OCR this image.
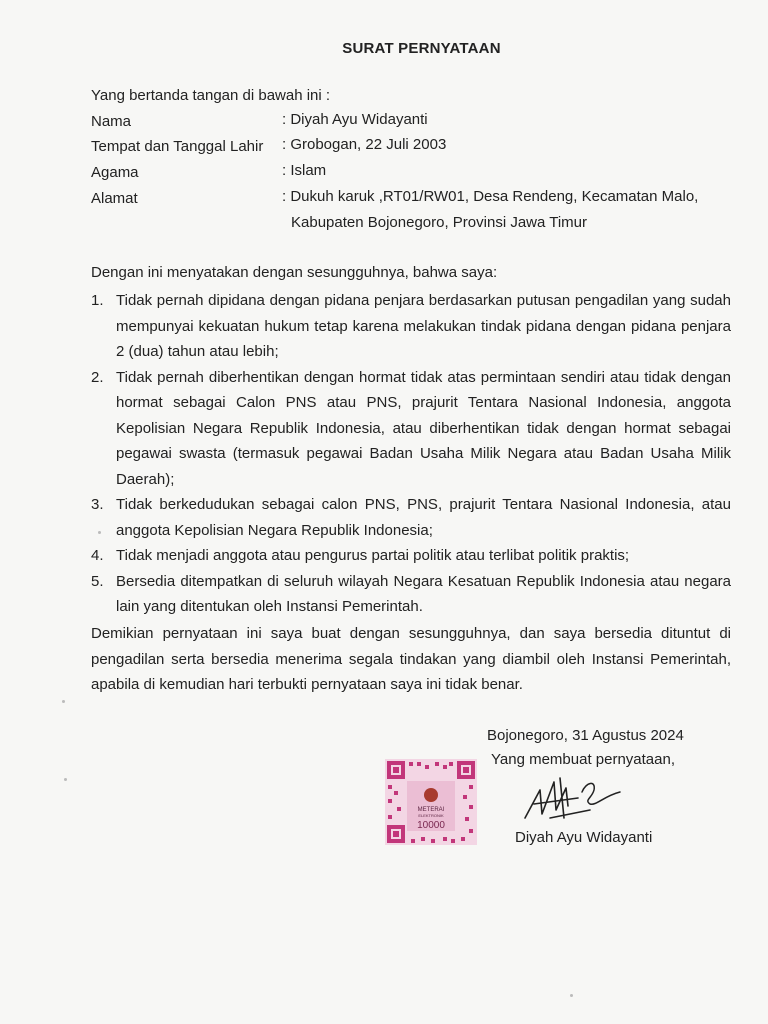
SURAT PERNYATAAN
Yang bertanda tangan di bawah ini :
Nama	: Diyah Ayu Widayanti
Tempat dan Tanggal Lahir : Grobogan, 22 Juli 2003
Agama	: Islam
Alamat	: Dukuh karuk ,RT01/RW01, Desa Rendeng, Kecamatan Malo,
Kabupaten Bojonegoro, Provinsi Jawa Timur
Dengan ini menyatakan dengan sesungguhnya, bahwa saya:
1. Tidak pernah dipidana dengan pidana penjara berdasarkan putusan pengadilan yang sudah mempunyai kekuatan hukum tetap karena melakukan tindak pidana dengan pidana penjara 2 (dua) tahun atau lebih;
2. Tidak pernah diberhentikan dengan hormat tidak atas permintaan sendiri atau tidak dengan hormat sebagai Calon PNS atau PNS, prajurit Tentara Nasional Indonesia, anggota Kepolisian Negara Republik Indonesia, atau diberhentikan tidak dengan hormat sebagai pegawai swasta (termasuk pegawai Badan Usaha Milik Negara atau Badan Usaha Milik Daerah);
3. Tidak berkedudukan sebagai calon PNS, PNS, prajurit Tentara Nasional Indonesia, atau anggota Kepolisian Negara Republik Indonesia;
4. Tidak menjadi anggota atau pengurus partai politik atau terlibat politik praktis;
5. Bersedia ditempatkan di seluruh wilayah Negara Kesatuan Republik Indonesia atau negara lain yang ditentukan oleh Instansi Pemerintah.
Demikian pernyataan ini saya buat dengan sesungguhnya, dan saya bersedia dituntut di pengadilan serta bersedia menerima segala tindakan yang diambil oleh Instansi Pemerintah, apabila di kemudian hari terbukti pernyataan saya ini tidak benar.
Bojonegoro, 31 Agustus 2024
Yang membuat pernyataan,
METERAI
ELEKTRONIK
10000
Diyah Ayu Widayanti
